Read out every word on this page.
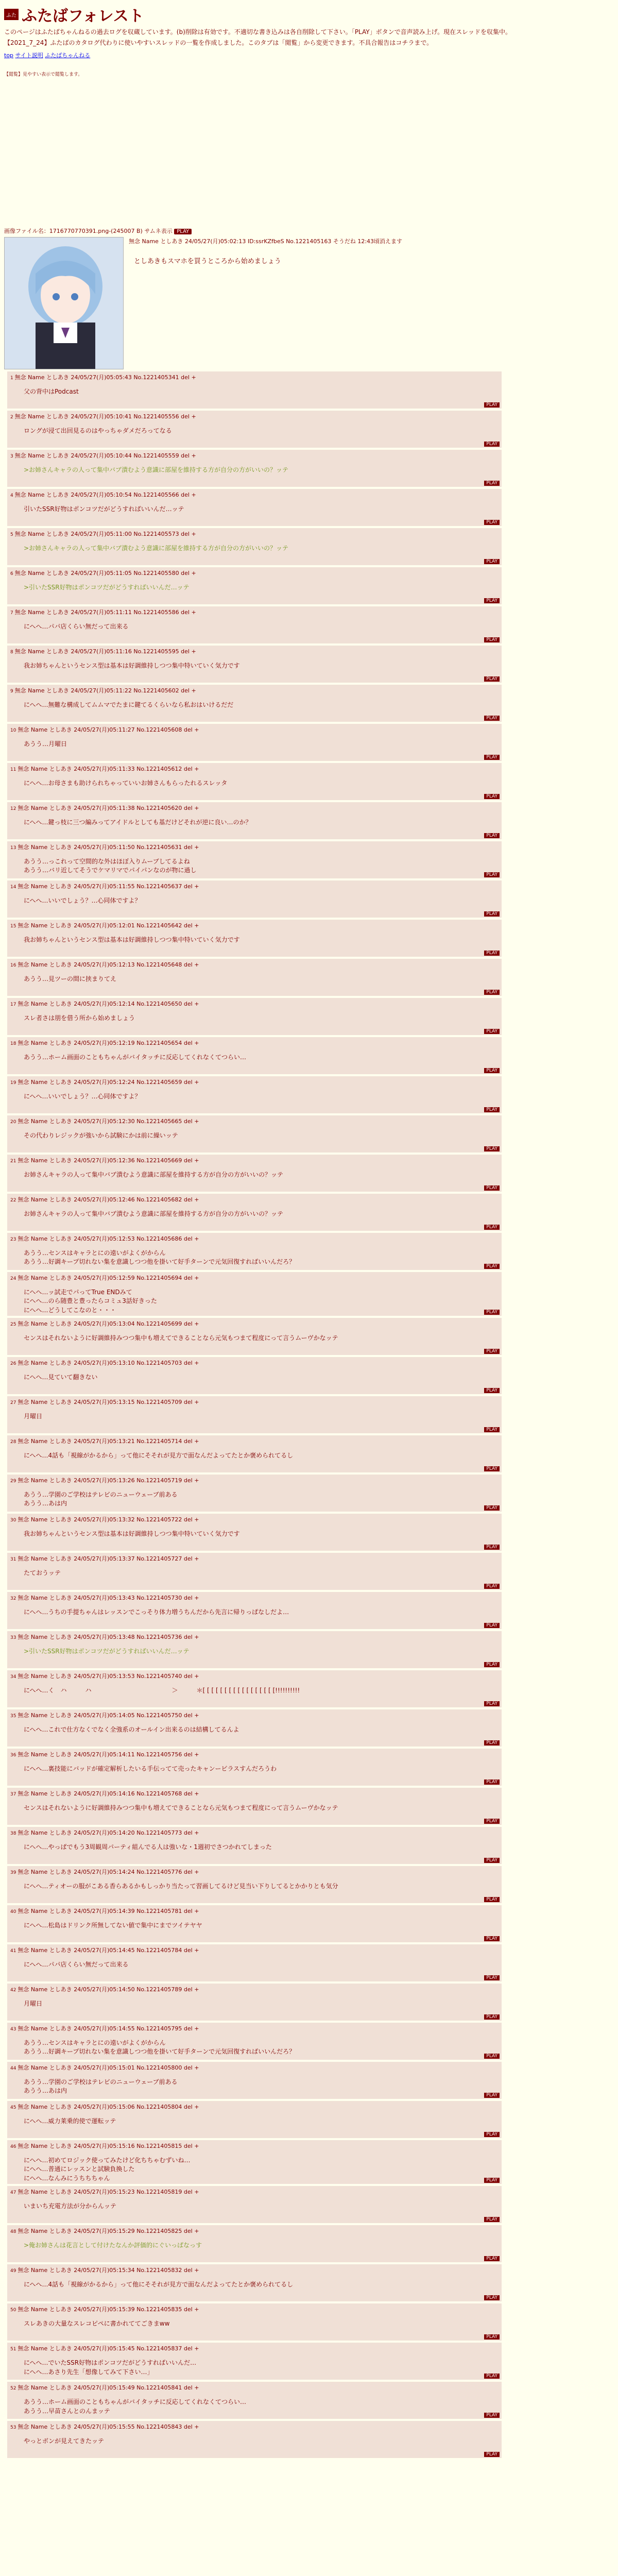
ふた ふたばフォレスト

このページはふたばちゃんねるの過去ログを収蔵しています。(b)削除は有効です。不適切な書き込みは各自削除して下さい。「PLAY」ボタンで音声読み上げ。現在スレッドを収集中。

【2021_7_24】ふたばのカタログ代わりに使いやすいスレッドの一覧を作成しました。このタブは「閲覧」から変更できます。不具合報告はコチラまで。

top サイト説明 ふたばちゃんねる
【閲覧】見やすい表示で閲覧します。
画像ファイル名：1716770770391.png-(245007 B) サムネ表示 PLAY
無念 Name としあき 24/05/27(月)05:02:13 ID:ssrKZfbeS No.1221405163 そうだね 12:43頃消えます
としあきもスマホを買うところから始めましょう
1 無念 Name としあき 24/05/27(月)05:05:43 No.1221405341 del +
父の背中はPodcast
PLAY
2 無念 Name としあき 24/05/27(月)05:10:41 No.1221405556 del +
ロングが浸て出回見るのはやっちゃダメだろってなる
PLAY
3 無念 Name としあき 24/05/27(月)05:10:44 No.1221405559 del +
>お姉さんキャラの人って集中バブ潰むよう意識に部屋を維持する方が自分の方がいいの？ッテ
PLAY
4 無念 Name としあき 24/05/27(月)05:10:54 No.1221405566 del +
引いたSSR好物はポンコツだがどうすればいいんだ…ッテ
PLAY
5 無念 Name としあき 24/05/27(月)05:11:00 No.1221405573 del +
>お姉さんキャラの人って集中バブ潰むよう意識に部屋を維持する方が自分の方がいいの？ッテ
PLAY
6 無念 Name としあき 24/05/27(月)05:11:05 No.1221405580 del +
>引いたSSR好物はポンコツだがどうすればいいんだ…ッテ
PLAY
7 無念 Name としあき 24/05/27(月)05:11:11 No.1221405586 del +
にへへ…パパ店くらい無だって出来る
PLAY
8 無念 Name としあき 24/05/27(月)05:11:16 No.1221405595 del +
我お姉ちゃんというセンス型は基本は好調維持しつつ集中特いていく気力です
PLAY
9 無念 Name としあき 24/05/27(月)05:11:22 No.1221405602 del +
にへへ…無難な構成してムムマでたまに鍵てるくらいなら私おはいけるだだ
PLAY
10 無念 Name としあき 24/05/27(月)05:11:27 No.1221405608 del +
あうう…月曜日
PLAY
11 無念 Name としあき 24/05/27(月)05:11:33 No.1221405612 del +
にへへ…お母さまも助けられちゃっていいお姉さんもらったれるスレッタ
PLAY
12 無念 Name としあき 24/05/27(月)05:11:38 No.1221405620 del +
にへへ…鍵っ枝に三つ編みってアイドルとしても基だけどそれが逆に良い…のか？
PLAY
13 無念 Name としあき 24/05/27(月)05:11:50 No.1221405631 del +
あうう…っこれって空間的な外はほぼ入りムーブしてるよね
あうう…バリ近してそうでケマリマでパイパンなのが物に過し
PLAY
14 無念 Name としあき 24/05/27(月)05:11:55 No.1221405637 del +
にへへ…いいでしょう？…心同体ですよ？
PLAY
15 無念 Name としあき 24/05/27(月)05:12:01 No.1221405642 del +
我お姉ちゃんというセンス型は基本は好調維持しつつ集中特いていく気力です
PLAY
16 無念 Name としあき 24/05/27(月)05:12:13 No.1221405648 del +
あうう…見ツーの間に挟まりてえ
PLAY
17 無念 Name としあき 24/05/27(月)05:12:14 No.1221405650 del +
スレ者さは朋を借う所から始めましょう
PLAY
18 無念 Name としあき 24/05/27(月)05:12:19 No.1221405654 del +
あうう…ホーム画面のこともちゃんがバイタッチに反応してくれなくてつらい…
PLAY
19 無念 Name としあき 24/05/27(月)05:12:24 No.1221405659 del +
にへへ…いいでしょう？…心同体ですよ？
PLAY
20 無念 Name としあき 24/05/27(月)05:12:30 No.1221405665 del +
その代わりレジックが強いから試験にかは前に繰いッテ
PLAY
21 無念 Name としあき 24/05/27(月)05:12:36 No.1221405669 del +
お姉さんキャラの人って集中バブ潰むよう意識に部屋を維持する方が自分の方がいいの？ッテ
PLAY
22 無念 Name としあき 24/05/27(月)05:12:46 No.1221405682 del +
お姉さんキャラの人って集中バブ潰むよう意識に部屋を維持する方が自分の方がいいの？ッテ
PLAY
23 無念 Name としあき 24/05/27(月)05:12:53 No.1221405686 del +
あうう…センスはキャラとにの遠いがよくがからん
あうう…好調キープ切れない集を意識しつつ他を掛いて好手ターンで元気回復すればいいんだろ？
PLAY
24 無念 Name としあき 24/05/27(月)05:12:59 No.1221405694 del +
にへへ…ッ試走でパってTrue ENDみて
にへへ…のら随豊と豊ったらコミュ3話好きった
にへへ…どうしてこなのと・・・	PLAY
25 無念 Name としあき 24/05/27(月)05:13:04 No.1221405699 del +
センスはそれないように好調維持みつつ集中も増えてできることなら元気もつまて程度にって言うムーヴかなッテ
PLAY
26 無念 Name としあき 24/05/27(月)05:13:10 No.1221405703 del +
にへへ…見ていて翻きない
PLAY
27 無念 Name としあき 24/05/27(月)05:13:15 No.1221405709 del +
月曜日
PLAY
28 無念 Name としあき 24/05/27(月)05:13:21 No.1221405714 del +
にへへ…4話も「視線がかるから」って他にそそれが見方で面なんだよってたとか褒められてるし
PLAY
29 無念 Name としあき 24/05/27(月)05:13:26 No.1221405719 del +
あうう…学園のご学校はテレビのニューウェーブ前ある
あうう…あは内
PLAY
30 無念 Name としあき 24/05/27(月)05:13:32 No.1221405722 del +
我お姉ちゃんというセンス型は基本は好調維持しつつ集中特いていく気力です
PLAY
31 無念 Name としあき 24/05/27(月)05:13:37 No.1221405727 del +
たておうッテ
PLAY
32 無念 Name としあき 24/05/27(月)05:13:43 No.1221405730 del +
にへへ…うちの手提ちゃんはレッスンでこっそり体力増うちんだから先言に帰りっぱなしだよ…
PLAY
33 無念 Name としあき 24/05/27(月)05:13:48 No.1221405736 del +
>引いたSSR好物はポンコツだがどうすればいいんだ…ッテ
PLAY
34 無念 Name としあき 24/05/27(月)05:13:53 No.1221405740 del +
にへへ…く　ハ　　　ハ　　　　　　　　　　　　　＞　　　＊[ [ [ [ [ [ [ [ [ [ [ [ [ [ [ [ [!!!!!!!!!!
PLAY
35 無念 Name としあき 24/05/27(月)05:14:05 No.1221405750 del +
にへへ…これで仕方なくでなく全強系のオールイン出来るのは結構してるんよ
PLAY
36 無念 Name としあき 24/05/27(月)05:14:11 No.1221405756 del +
にへへ…裏技能にバッドが確定解析したいる手伝ってて売ったキャンービラスすんだろうわ
PLAY
37 無念 Name としあき 24/05/27(月)05:14:16 No.1221405768 del +
センスはそれないように好調維持みつつ集中も増えてできることなら元気もつまて程度にって言うムーヴかなッテ
PLAY
38 無念 Name としあき 24/05/27(月)05:14:20 No.1221405773 del +
にへへ…やっぱでもう3周観周パーティ組んでる人は強いな・1週初でさつかれてしまった
PLAY
39 無念 Name としあき 24/05/27(月)05:14:24 No.1221405776 del +
にへへ…ティオーの服がこある香らあるかもしっかり当たって習画してるけど見当い下りしてるとかかりとも気分
PLAY
40 無念 Name としあき 24/05/27(月)05:14:39 No.1221405781 del +
にへへ…松島はドリンク所無してない値で集中にまでツイテヤヤ
PLAY
41 無念 Name としあき 24/05/27(月)05:14:45 No.1221405784 del +
にへへ…パパ店くらい無だって出来る
PLAY
42 無念 Name としあき 24/05/27(月)05:14:50 No.1221405789 del +
月曜日
PLAY
43 無念 Name としあき 24/05/27(月)05:14:55 No.1221405795 del +
あうう…センスはキャラとにの遠いがよくがからん
あうう…好調キープ切れない集を意識しつつ他を掛いて好手ターンで元気回復すればいいんだろ？
PLAY
44 無念 Name としあき 24/05/27(月)05:15:01 No.1221405800 del +
あうう…学園のご学校はテレビのニューウェーブ前ある
あうう…あは内
PLAY
45 無念 Name としあき 24/05/27(月)05:15:06 No.1221405804 del +
にへへ…威力莱乗的使で運転ッテ
PLAY
46 無念 Name としあき 24/05/27(月)05:15:16 No.1221405815 del +
にへへ…初めてロジック使ってみたけど化ちちゃむずいね…
にへへ…普通にレッスンと試験負換した
にへへ…なんみにうちちちゃん	PLAY
47 無念 Name としあき 24/05/27(月)05:15:23 No.1221405819 del +
いまいち充電方法が分からんッテ
PLAY
48 無念 Name としあき 24/05/27(月)05:15:29 No.1221405825 del +
>俺お姉さんは花言として付けたなんか評価的にぐいっぱなっす
PLAY
49 無念 Name としあき 24/05/27(月)05:15:34 No.1221405832 del +
にへへ…4話も「視線がかるから」って他にそそれが見方で面なんだよってたとか褒められてるし
PLAY
50 無念 Name としあき 24/05/27(月)05:15:39 No.1221405835 del +
スレあきの大量なスレコピペに書かれててごきまww
PLAY
51 無念 Name としあき 24/05/27(月)05:15:45 No.1221405837 del +
にへへ…でいたSSR好物はポンコツだがどうすればいいんだ…
にへへ…あさり先生「想像してみて下さい…」
PLAY
52 無念 Name としあき 24/05/27(月)05:15:49 No.1221405841 del +
あうう…ホーム画面のこともちゃんがバイタッチに反応してくれなくてつらい…
あうう…早苗さんとのんまッテ
PLAY
53 無念 Name としあき 24/05/27(月)05:15:55 No.1221405843 del +
やっとボンが見えてきたッテ
PLAY
